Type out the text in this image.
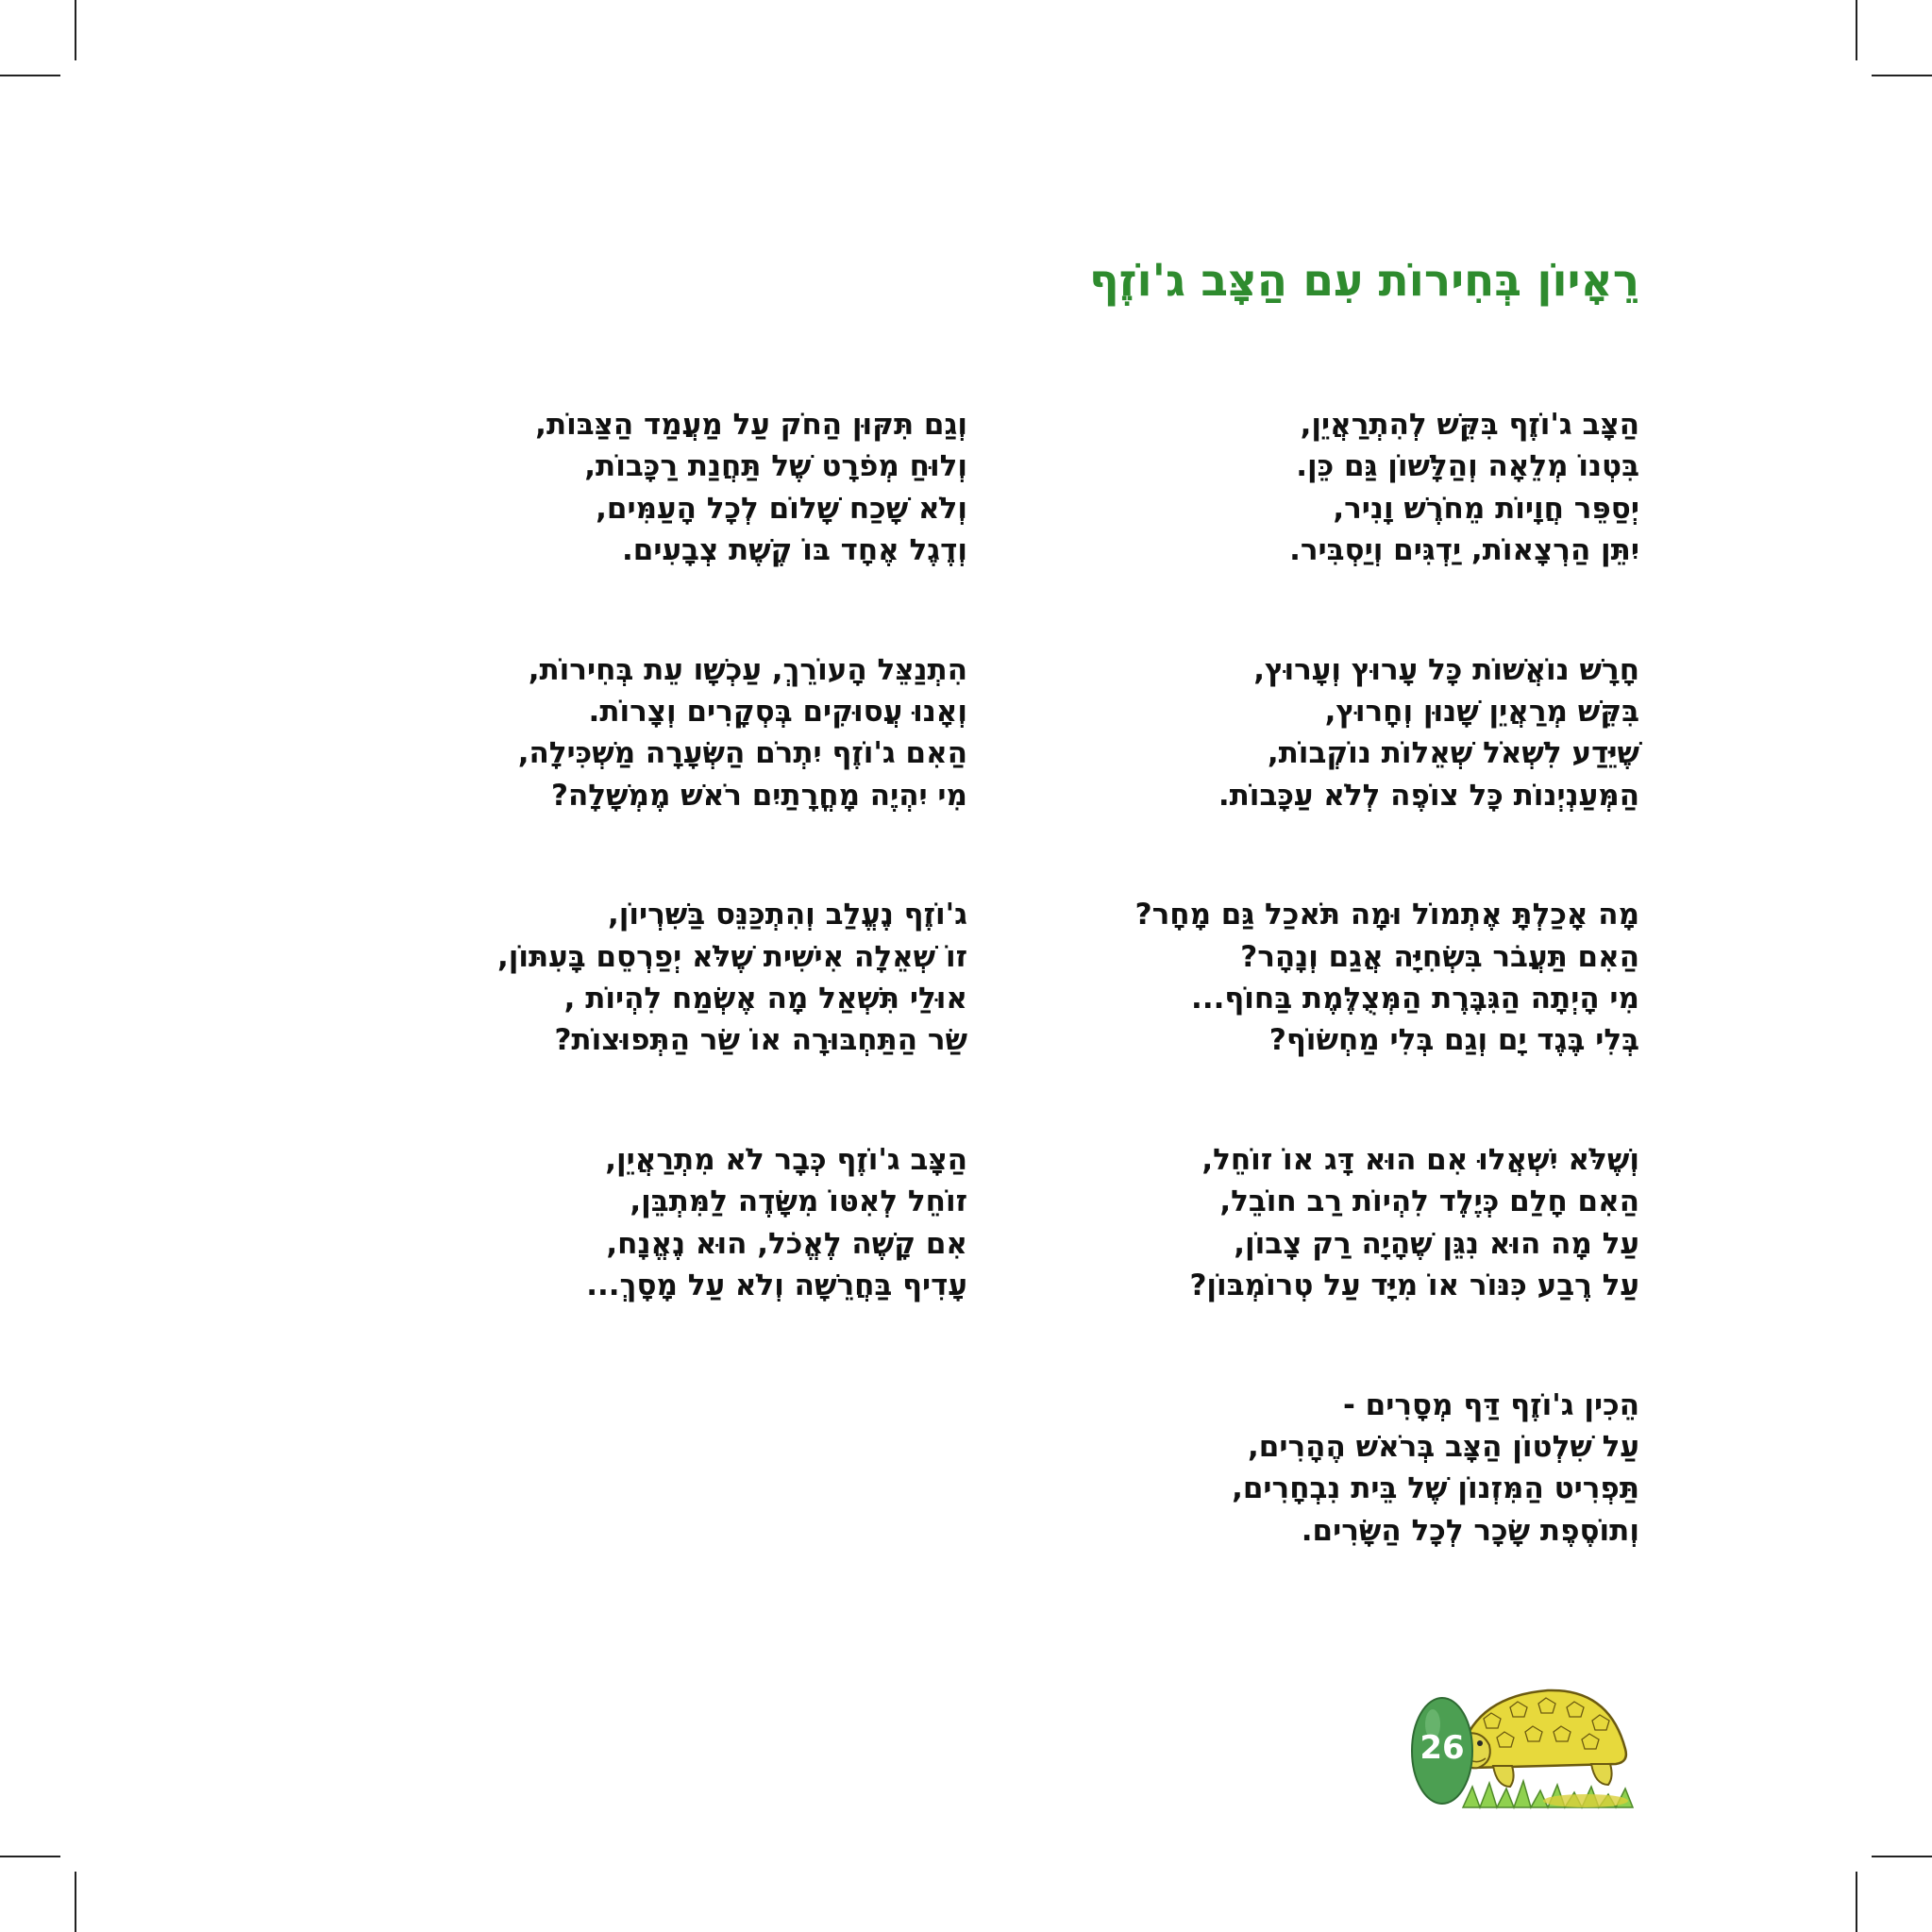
רֵאָיוֹן בְּחִירוֹת עִם הַצָּב ג'וֹזֶף
הַצָּב ג'וֹזֶף בִּקֵּשׁ לְהִתְרַאֲיֵן,
בִּטְנוֹ מְלֵאָה וְהַלָּשׁוֹן גַּם כֵּן.
יְסַפֵּר חֲוָיוֹת מֵחֹרֶשׁ וָנִיר,
יִתֵּן הַרְצָאוֹת, יַדְגִּים וְיַסְבִּיר.
חָרָשׁ נוֹאֲשׁוֹת כָּל עָרוּץ וְעָרוּץ,
בִּקֵּשׁ מְרַאֲיֵן שָׁנוּן וְחָרוּץ,
שֶׁיֵּדַע לִשְׁאֹל שְׁאֵלוֹת נוֹקְבוֹת,
הַמְּעַנְיְנוֹת כָּל צוֹפֶה לְלֹא עַכָּבוֹת.
מָה אָכַלְתָּ אֶתְמוֹל וּמָה תֹּאכַל גַּם מָחָר?
הַאִם תַּעֲבֹר בִּשְׂחִיָּה אֲגַם וְנָהָר?
מִי הָיְתָה הַגִּבֶּרֶת הַמְּצֻלֶּמֶת בַּחוֹף...
בְּלִי בֶּגֶד יָם וְגַם בְּלִי מַחְשׂוֹף?
וְשֶׁלֹּא יִשְׁאֲלוּ אִם הוּא דָּג אוֹ זוֹחֵל,
הַאִם חָלַם כְּיֶלֶד לִהְיוֹת רַב חוֹבֵל,
עַל מָה הוּא נִגֵּן שֶׁהָיָה רַק צָבוֹן,
עַל רֶבַע כִּנּוֹר אוֹ מִיָּד עַל טְרוֹמְבּוֹן?
הֵכִין ג'וֹזֶף דַּף מְסָרִים -
עַל שִׁלְטוֹן הַצָּב בְּרֹאשׁ הֶהָרִים,
תַּפְרִיט הַמִּזְנוֹן שֶׁל בֵּית נִבְחָרִים,
וְתוֹסֶפֶת שָׂכָר לְכָל הַשָּׂרִים.
וְגַם תִּקּוּן הַחֹק עַל מַעֲמַד הַצַּבּוֹת,
וְלוּחַ מְפֹרָט שֶׁל תַּחֲנַת רַכָּבוֹת,
וְלֹא שָׁכַח שָׁלוֹם לְכָל הָעַמִּים,
וְדֶגֶל אֶחָד בּוֹ קֶשֶׁת צְבָעִים.
הִתְנַצֵּל הָעוֹרֵךְ, עַכְשָׁו עֵת בְּחִירוֹת,
וְאָנוּ עֲסוּקִים בְּסְקָרִים וְצָרוֹת.
הַאִם ג'וֹזֶף יִתְרֹם הַשְּׂעָרָה מַשְׁכִּילָה,
מִי יִהְיֶה מָחֳרָתַיִם רֹאשׁ מֶמְשָׁלָה?
ג'וֹזֶף נֶעֱלַב וְהִתְכַּנֵּס בַּשִּׁרְיוֹן,
זוֹ שְׁאֵלָה אִישִׁית שֶׁלֹּא יְפַרְסֵם בָּעִתּוֹן,
אוּלַי תִּשְׁאַל מָה אֶשְׂמַח לִהְיוֹת ,
שַׂר הַתַּחְבּוּרָה אוֹ שַׂר הַתְּפוּצוֹת?
הַצָּב ג'וֹזֶף כְּבָר לֹא מִתְרַאֲיֵן,
זוֹחֵל לְאִטּוֹ מִשָּׂדֶה לַמִּתְבֵּן,
אִם קָשֶׁה לֶאֱכֹל, הוּא נֶאֱנָח,
עָדִיף בַּחֲרֵשָׁה וְלֹא עַל מָסָךְ...
26
